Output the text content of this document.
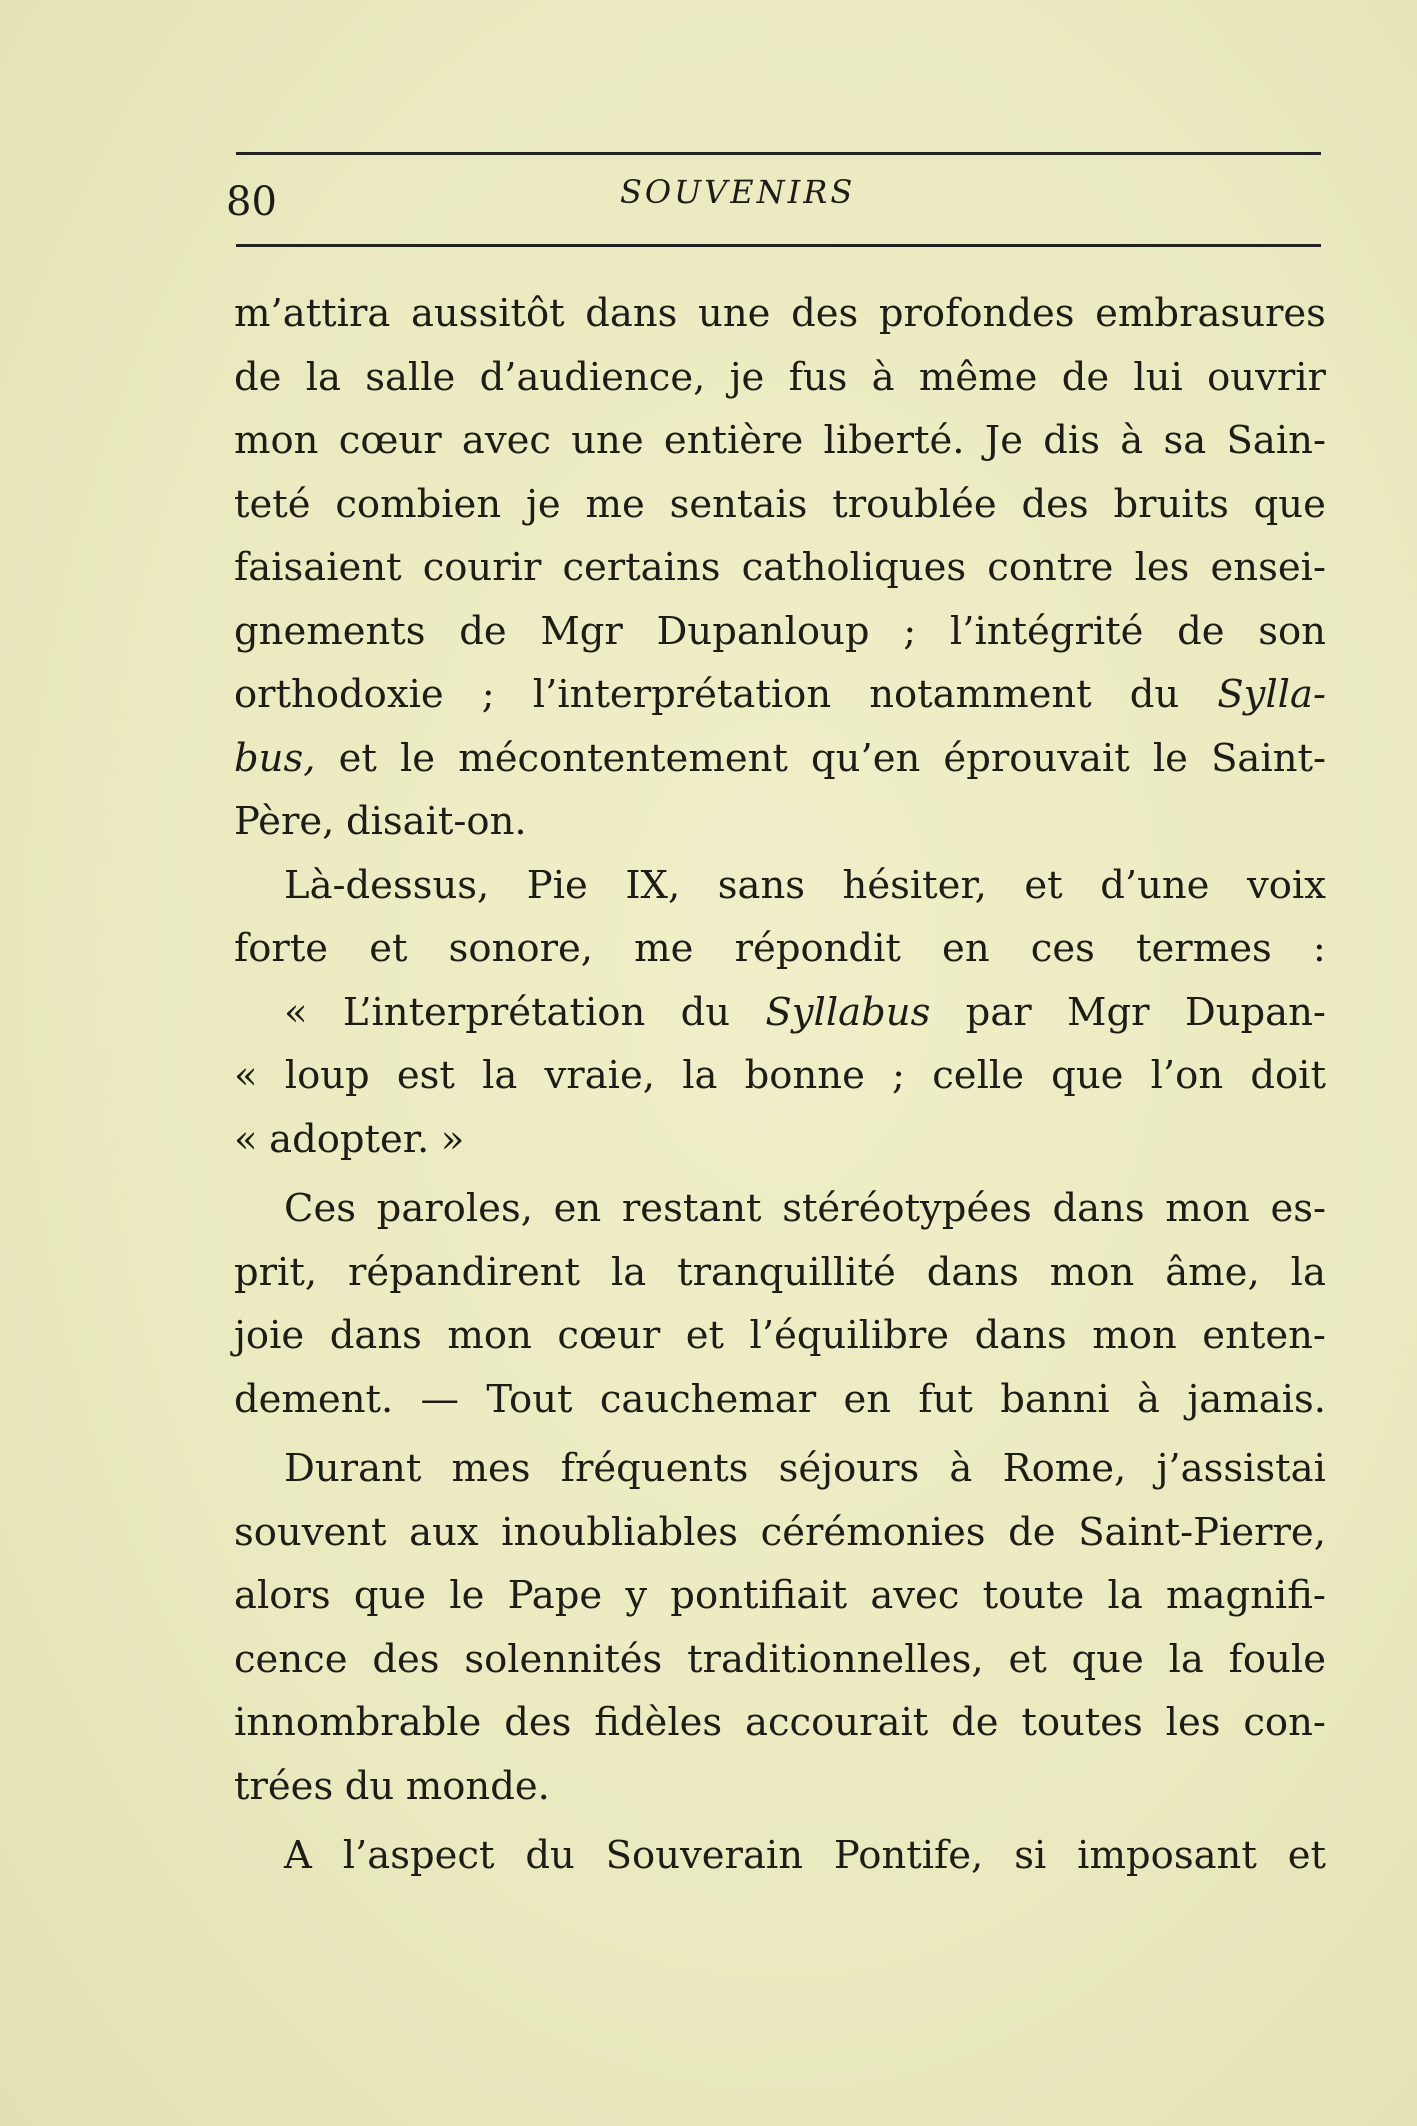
80	SOUVENIRS

m’attira aussitôt dans une des profondes embrasures
de la salle d’audience, je fus à même de lui ouvrir
mon cœur avec une entière liberté. Je dis à sa Sain-
teté combien je me sentais troublée des bruits que
faisaient courir certains catholiques contre les ensei-
gnements de Mgr Dupanloup ; l’intégrité de son
orthodoxie ; l’interprétation notamment du Sylla-
bus, et le mécontentement qu’en éprouvait le Saint-
Père, disait-on.
Là-dessus, Pie IX, sans hésiter, et d’une voix
forte et sonore, me répondit en ces termes :
« L’interprétation du Syllabus par Mgr Dupan-
« loup est la vraie, la bonne ; celle que l’on doit
« adopter. »
Ces paroles, en restant stéréotypées dans mon es-
prit, répandirent la tranquillité dans mon âme, la
joie dans mon cœur et l’équilibre dans mon enten-
dement. — Tout cauchemar en fut banni à jamais.
Durant mes fréquents séjours à Rome, j’assistai
souvent aux inoubliables cérémonies de Saint-Pierre,
alors que le Pape y pontifiait avec toute la magnifi-
cence des solennités traditionnelles, et que la foule
innombrable des fidèles accourait de toutes les con-
trées du monde.
A l’aspect du Souverain Pontife, si imposant et
